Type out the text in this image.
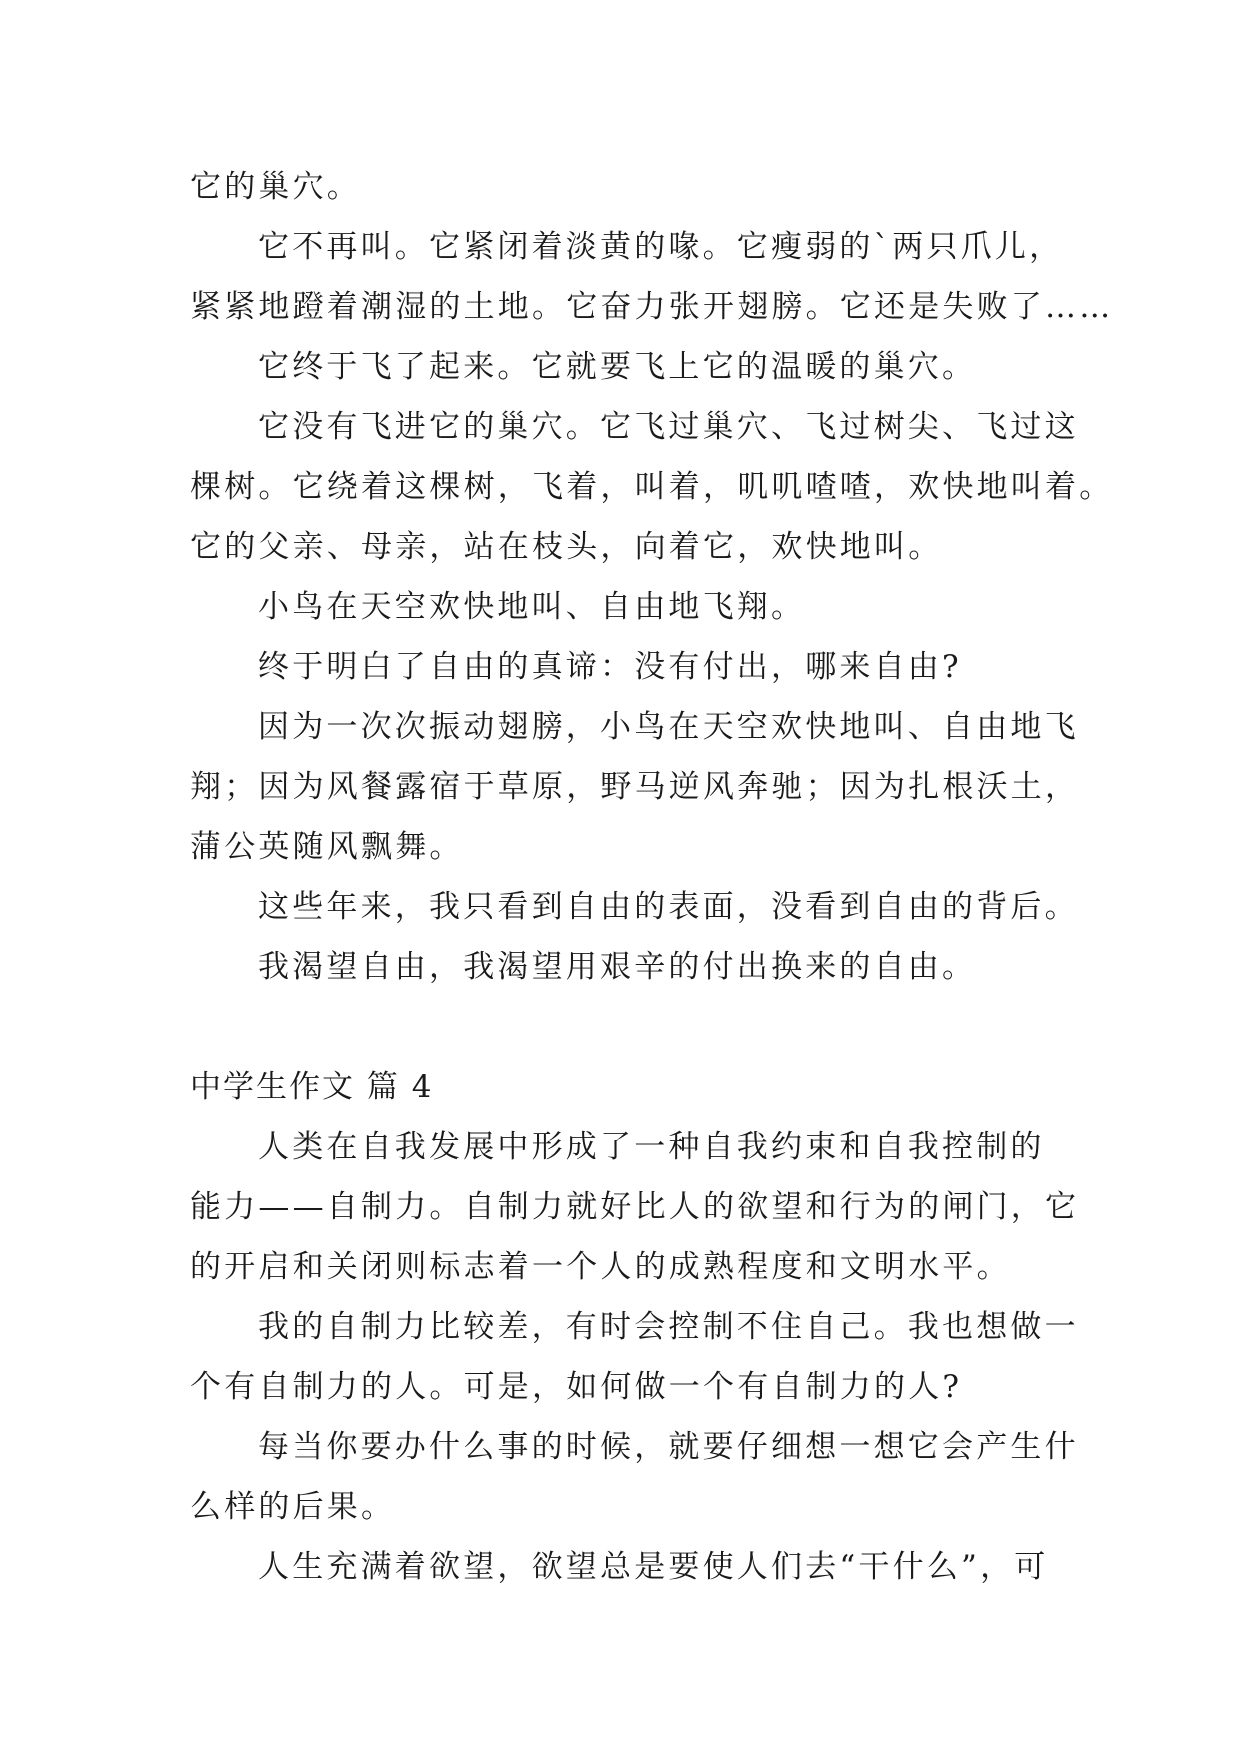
它的巢穴。
它不再叫。它紧闭着淡黄的喙。它瘦弱的`两只爪儿，
紧紧地蹬着潮湿的土地。它奋力张开翅膀。它还是失败了……
它终于飞了起来。它就要飞上它的温暖的巢穴。
它没有飞进它的巢穴。它飞过巢穴、飞过树尖、飞过这
棵树。它绕着这棵树，飞着，叫着，叽叽喳喳，欢快地叫着。
它的父亲、母亲，站在枝头，向着它，欢快地叫。
小鸟在天空欢快地叫、自由地飞翔。
终于明白了自由的真谛：没有付出，哪来自由?
因为一次次振动翅膀，小鸟在天空欢快地叫、自由地飞
翔；因为风餐露宿于草原，野马逆风奔驰；因为扎根沃土，
蒲公英随风飘舞。
这些年来，我只看到自由的表面，没看到自由的背后。
我渴望自由，我渴望用艰辛的付出换来的自由。
中学生作文 篇 4
人类在自我发展中形成了一种自我约束和自我控制的
能力——自制力。自制力就好比人的欲望和行为的闸门，它
的开启和关闭则标志着一个人的成熟程度和文明水平。
我的自制力比较差，有时会控制不住自己。我也想做一
个有自制力的人。可是，如何做一个有自制力的人?
每当你要办什么事的时候，就要仔细想一想它会产生什
么样的后果。
人生充满着欲望，欲望总是要使人们去“干什么”，可
